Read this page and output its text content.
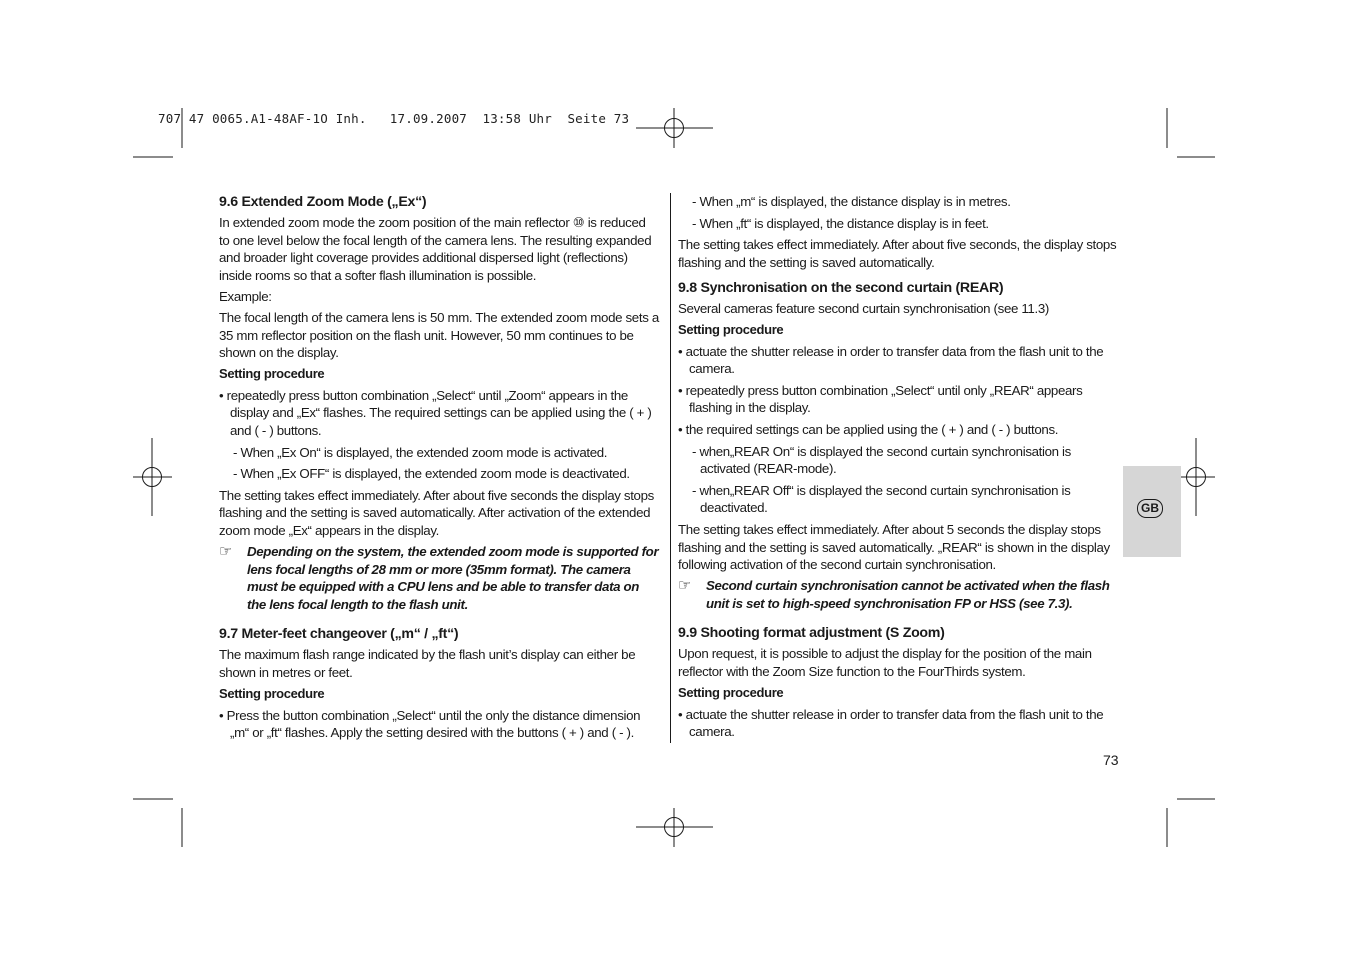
707 47 0065.A1-48AF-1O Inh.   17.09.2007  13:58 Uhr  Seite 73
9.6 Extended Zoom Mode („Ex“)

In extended zoom mode the zoom position of the main reflector ⑩ is reduced to one level below the focal length of the camera lens. The resulting expanded and broader light coverage provides additional dispersed light (reflections) inside rooms so that a softer flash illumination is possible.

Example:

The focal length of the camera lens is 50 mm. The extended zoom mode sets a 35 mm reflector position on the flash unit. However, 50 mm continues to be shown on the display.

Setting procedure
• repeatedly press button combination „Select“ until „Zoom“ appears in the display and „Ex“ flashes. The required settings can be applied using the ( + ) and ( - ) buttons.
- When „Ex On“ is displayed, the extended zoom mode is activated.
- When „Ex OFF“ is displayed, the extended zoom mode is deactivated.

The setting takes effect immediately. After about five seconds the display stops flashing and the setting is saved automatically. After activation of the extended zoom mode „Ex“ appears in the display.

☞ Depending on the system, the extended zoom mode is supported for lens focal lengths of 28 mm or more (35mm format). The camera must be equipped with a CPU lens and be able to transfer data on the lens focal length to the flash unit.
9.7 Meter-feet changeover („m“ / „ft“)

The maximum flash range indicated by the flash unit’s display can either be shown in metres or feet.

Setting procedure
• Press the button combination „Select“ until the only the distance dimension „m“ or „ft“ flashes. Apply the setting desired with the buttons ( + ) and ( - ).
- When „m“ is displayed, the distance display is in metres.
- When „ft“ is displayed, the distance display is in feet.

The setting takes effect immediately. After about five seconds, the display stops flashing and the setting is saved automatically.

9.8 Synchronisation on the second curtain (REAR)

Several cameras feature second curtain synchronisation (see 11.3)

Setting procedure
• actuate the shutter release in order to transfer data from the flash unit to the camera.
• repeatedly press button combination „Select“ until only „REAR“ appears flashing in the display.
• the required settings can be applied using the ( + ) and ( - ) buttons.
- when„REAR On“ is displayed the second curtain synchronisation is activated (REAR-mode).
- when„REAR Off“ is displayed the second curtain synchronisation is deactivated.

The setting takes effect immediately. After about 5 seconds the display stops flashing and the setting is saved automatically. „REAR“ is shown in the display following activation of the second curtain synchronisation.

☞ Second curtain synchronisation cannot be activated when the flash unit is set to high-speed synchronisation FP or HSS (see 7.3).
9.9 Shooting format adjustment (S Zoom)

Upon request, it is possible to adjust the display for the position of the main reflector with the Zoom Size function to the FourThirds system.

Setting procedure
• actuate the shutter release in order to transfer data from the flash unit to the camera.
GB
73
